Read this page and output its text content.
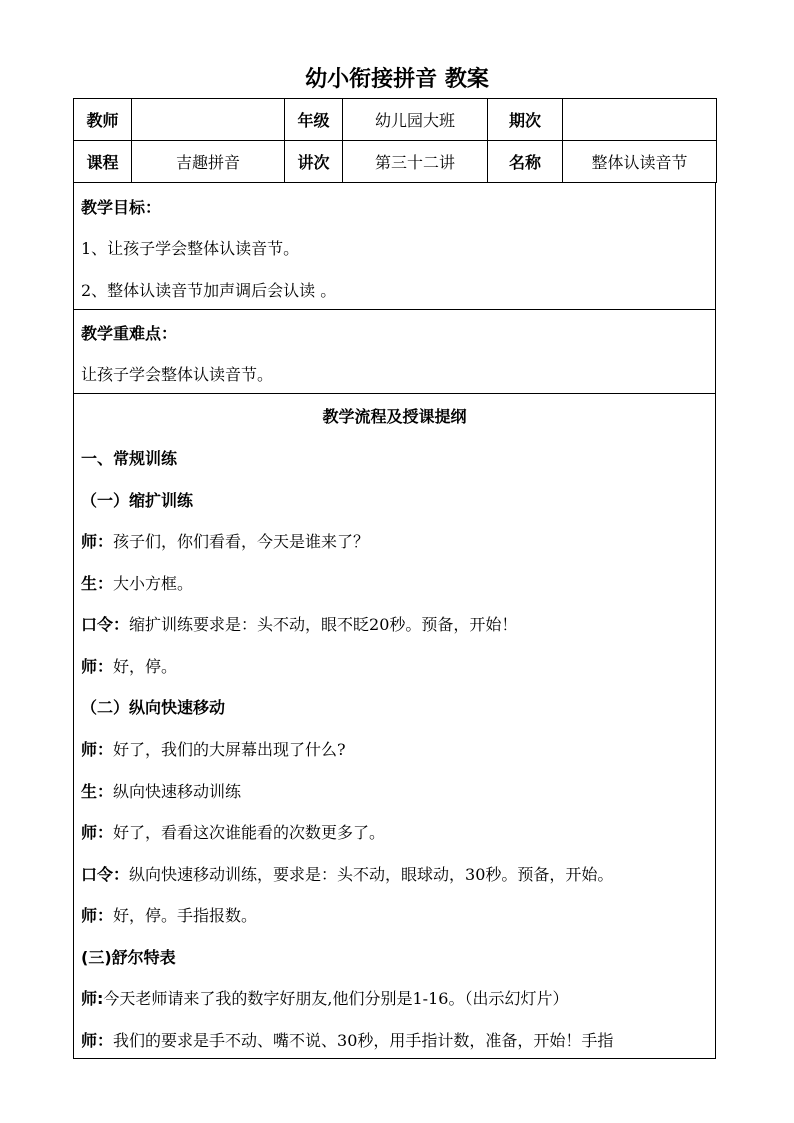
幼小衔接拼音 教案
教师		年级	幼儿园大班	期次	
课程	吉趣拼音	讲次	第三十二讲	名称	整体认读音节
教学目标：
1、让孩子学会整体认读音节。
2、整体认读音节加声调后会认读 。
教学重难点：
让孩子学会整体认读音节。
教学流程及授课提纲
一、常规训练
（一）缩扩训练
师：孩子们，你们看看，今天是谁来了？
生：大小方框。
口令：缩扩训练要求是：头不动，眼不眨20秒。预备，开始！
师：好，停。
（二）纵向快速移动
师：好了，我们的大屏幕出现了什么?
生：纵向快速移动训练
师：好了，看看这次谁能看的次数更多了。
口令：纵向快速移动训练，要求是：头不动，眼球动，30秒。预备，开始。
师：好，停。手指报数。
(三)舒尔特表
师:今天老师请来了我的数字好朋友,他们分别是1-16。（出示幻灯片）
师：我们的要求是手不动、嘴不说、30秒，用手指计数，准备，开始！手指
